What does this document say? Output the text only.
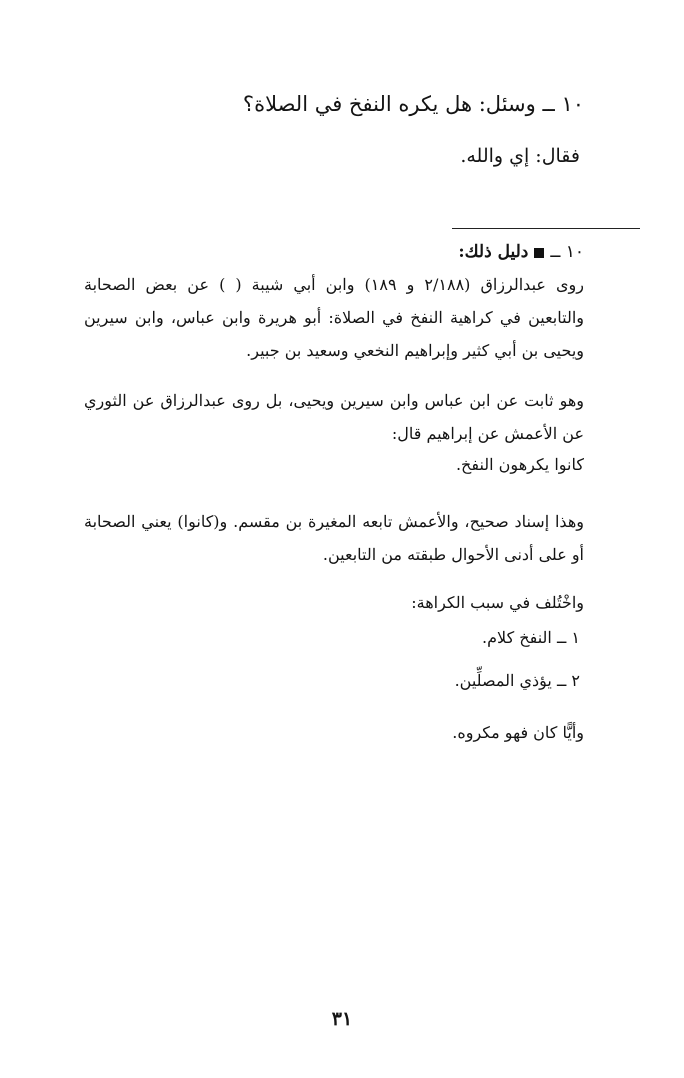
١٠ ــ وسئل: هل يكره النفخ في الصلاة؟
فقال: إي والله.
١٠ ــدليل ذلك:
روى عبدالرزاق (٢/١٨٨ و ١٨٩) وابن أبي شيبة ( ) عن بعض الصحابة والتابعين في كراهية النفخ في الصلاة: أبو هريرة وابن عباس، وابن سيرين ويحيى بن أبي كثير وإبراهيم النخعي وسعيد بن جبير.
وهو ثابت عن ابن عباس وابن سيرين ويحيى، بل روى عبدالرزاق عن الثوري عن الأعمش عن إبراهيم قال:
كانوا يكرهون النفخ.
وهذا إسناد صحيح، والأعمش تابعه المغيرة بن مقسم. و(كانوا) يعني الصحابة أو على أدنى الأحوال طبقته من التابعين.
واخْتُلف في سبب الكراهة:
١ ــ النفخ كلام.
٢ ــ يؤذي المصلِّين.
وأيًّا كان فهو مكروه.
٣١
